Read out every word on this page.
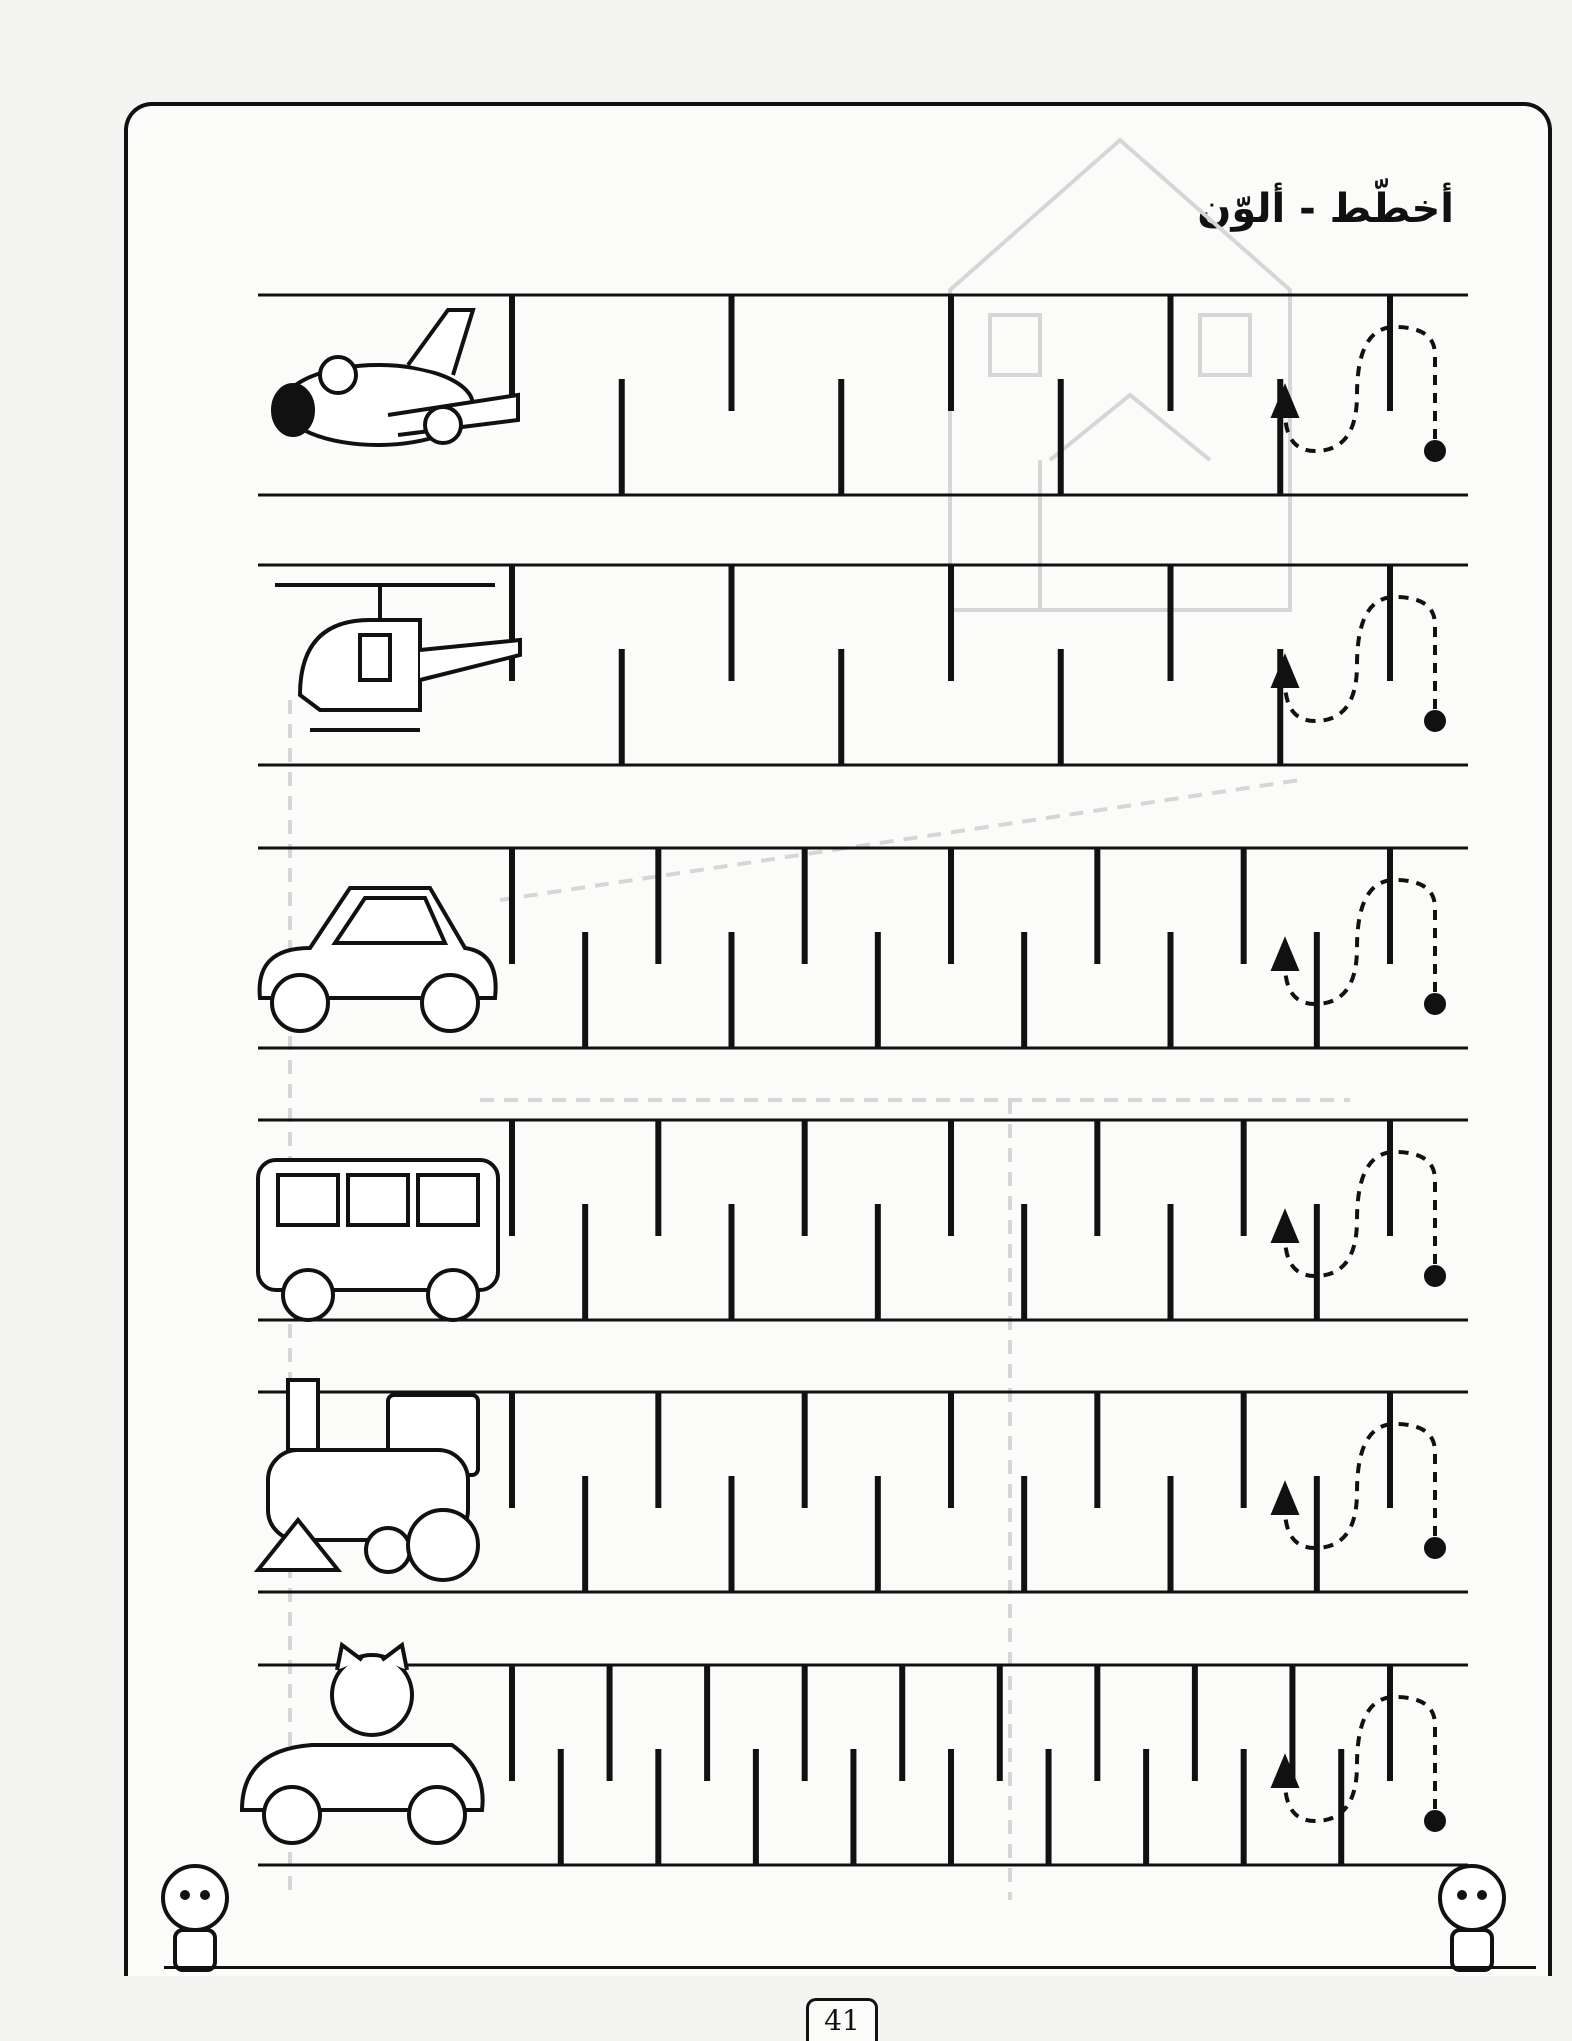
أخطّط - ألوّن
41
